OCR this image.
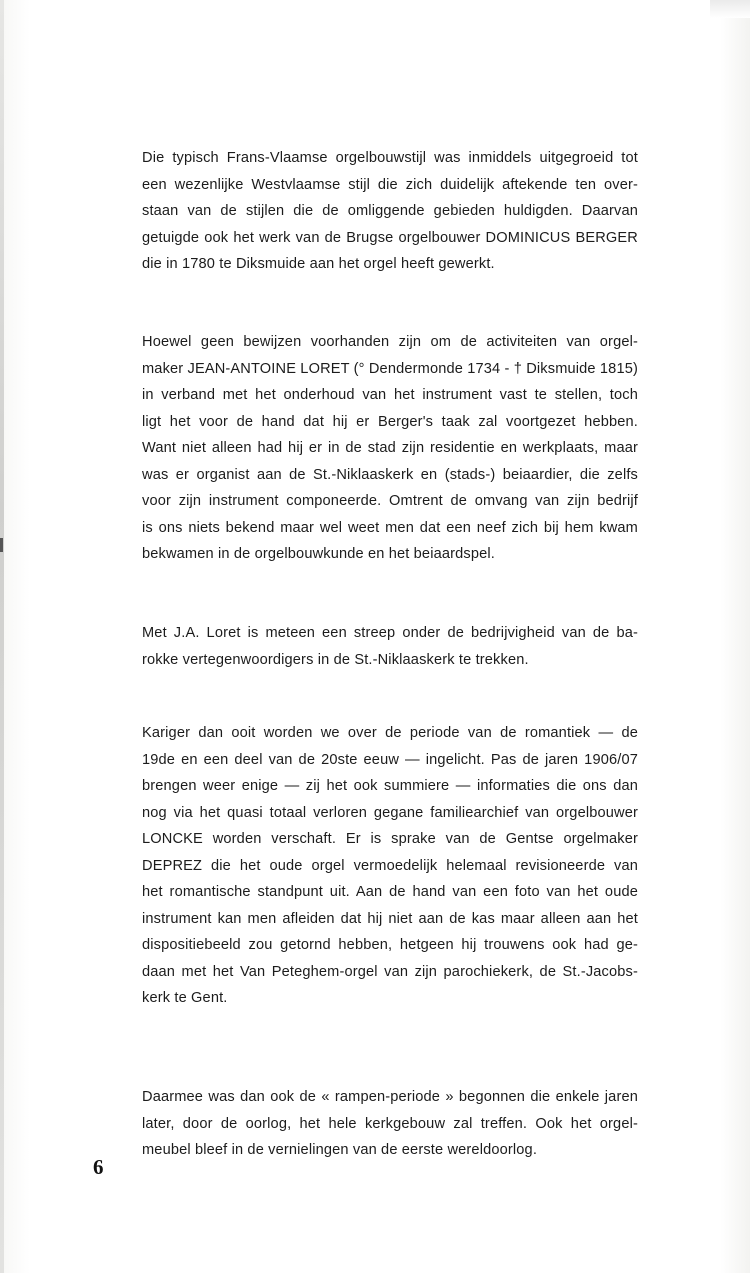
Die typisch Frans-Vlaamse orgelbouwstijl was inmiddels uitgegroeid tot
een wezenlijke Westvlaamse stijl die zich duidelijk aftekende ten over-
staan van de stijlen die de omliggende gebieden huldigden. Daarvan
getuigde ook het werk van de Brugse orgelbouwer DOMINICUS BERGER
die in 1780 te Diksmuide aan het orgel heeft gewerkt.
Hoewel geen bewijzen voorhanden zijn om de activiteiten van orgel-
maker JEAN-ANTOINE LORET (° Dendermonde 1734 - † Diksmuide 1815)
in verband met het onderhoud van het instrument vast te stellen, toch
ligt het voor de hand dat hij er Berger's taak zal voortgezet hebben.
Want niet alleen had hij er in de stad zijn residentie en werkplaats, maar
was er organist aan de St.-Niklaaskerk en (stads-) beiaardier, die zelfs
voor zijn instrument componeerde. Omtrent de omvang van zijn bedrijf
is ons niets bekend maar wel weet men dat een neef zich bij hem kwam
bekwamen in de orgelbouwkunde en het beiaardspel.
Met J.A. Loret is meteen een streep onder de bedrijvigheid van de ba-
rokke vertegenwoordigers in de St.-Niklaaskerk te trekken.
Kariger dan ooit worden we over de periode van de romantiek — de
19de en een deel van de 20ste eeuw — ingelicht. Pas de jaren 1906/07
brengen weer enige — zij het ook summiere — informaties die ons dan
nog via het quasi totaal verloren gegane familiearchief van orgelbouwer
LONCKE worden verschaft. Er is sprake van de Gentse orgelmaker
DEPREZ die het oude orgel vermoedelijk helemaal revisioneerde van
het romantische standpunt uit. Aan de hand van een foto van het oude
instrument kan men afleiden dat hij niet aan de kas maar alleen aan het
dispositiebeeld zou getornd hebben, hetgeen hij trouwens ook had ge-
daan met het Van Peteghem-orgel van zijn parochiekerk, de St.-Jacobs-
kerk te Gent.
Daarmee was dan ook de « rampen-periode » begonnen die enkele jaren
later, door de oorlog, het hele kerkgebouw zal treffen. Ook het orgel-
meubel bleef in de vernielingen van de eerste wereldoorlog.
6
